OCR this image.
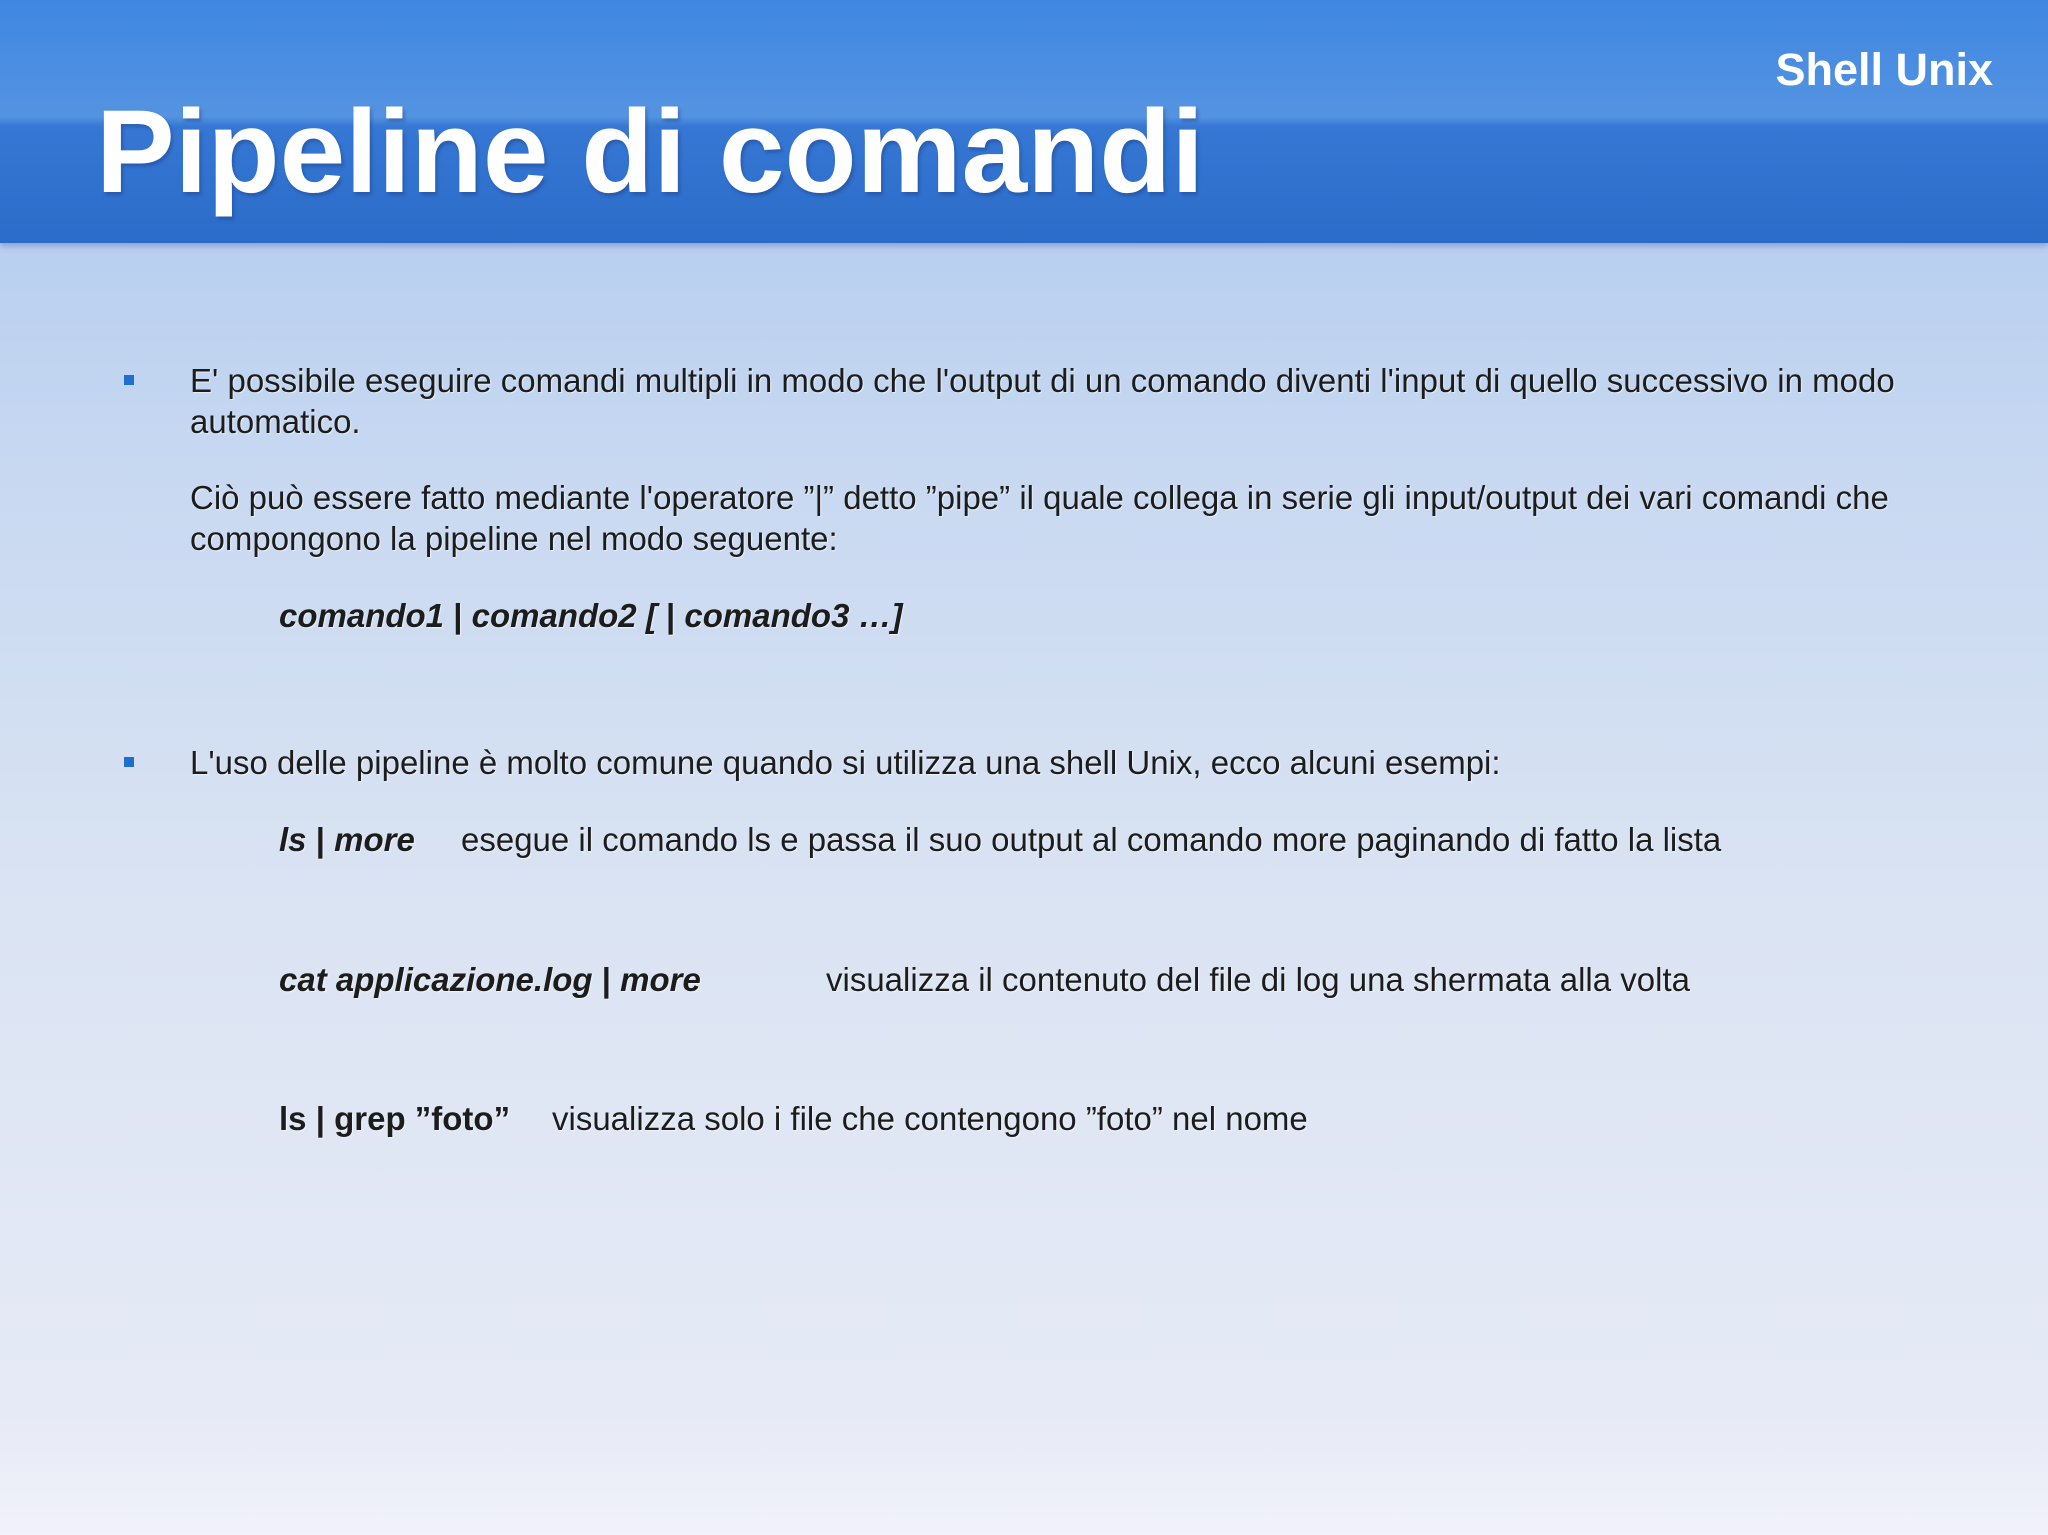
Shell Unix
Pipeline di comandi
E' possibile eseguire comandi multipli in modo che l'output di un comando diventi l'input di quello successivo in modo automatico.
Ciò può essere fatto mediante l'operatore ”|” detto ”pipe” il quale collega in serie gli input/output dei vari comandi che compongono la pipeline nel modo seguente:
comando1 | comando2 [ | comando3 …]
L'uso delle pipeline è molto comune quando si utilizza una shell Unix, ecco alcuni esempi:
ls | more esegue il comando ls e passa il suo output al comando more paginando di fatto la lista
cat applicazione.log | more	visualizza il contenuto del file di log una shermata alla volta
ls | grep ”foto” visualizza solo i file che contengono ”foto” nel nome
